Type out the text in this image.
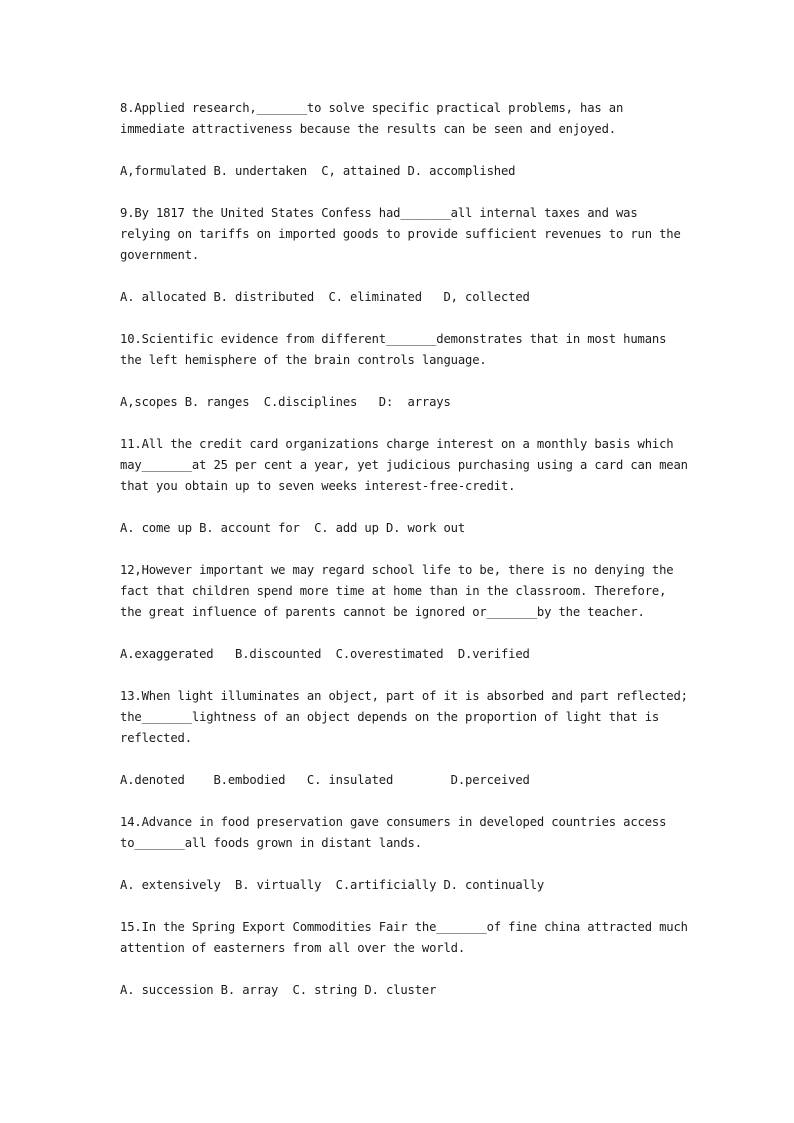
8.Applied research,_______to solve specific practical problems, has an
immediate attractiveness because the results can be seen and enjoyed.
A,formulated B. undertaken  C, attained D. accomplished
9.By 1817 the United States Confess had_______all internal taxes and was
relying on tariffs on imported goods to provide sufficient revenues to run the
government.
A. allocated B. distributed  C. eliminated   D, collected
10.Scientific evidence from different_______demonstrates that in most humans
the left hemisphere of the brain controls language.
A,scopes B. ranges  C.disciplines   D:  arrays
11.All the credit card organizations charge interest on a monthly basis which
may_______at 25 per cent a year, yet judicious purchasing using a card can mean
that you obtain up to seven weeks interest-free-credit.
A. come up B. account for  C. add up D. work out
12,However important we may regard school life to be, there is no denying the
fact that children spend more time at home than in the classroom. Therefore,
the great influence of parents cannot be ignored or_______by the teacher.
A.exaggerated   B.discounted  C.overestimated  D.verified
13.When light illuminates an object, part of it is absorbed and part reflected;
the_______lightness of an object depends on the proportion of light that is
reflected.
A.denoted    B.embodied   C. insulated        D.perceived
14.Advance in food preservation gave consumers in developed countries access
to_______all foods grown in distant lands.
A. extensively  B. virtually  C.artificially D. continually
15.In the Spring Export Commodities Fair the_______of fine china attracted much
attention of easterners from all over the world.
A. succession B. array  C. string D. cluster
